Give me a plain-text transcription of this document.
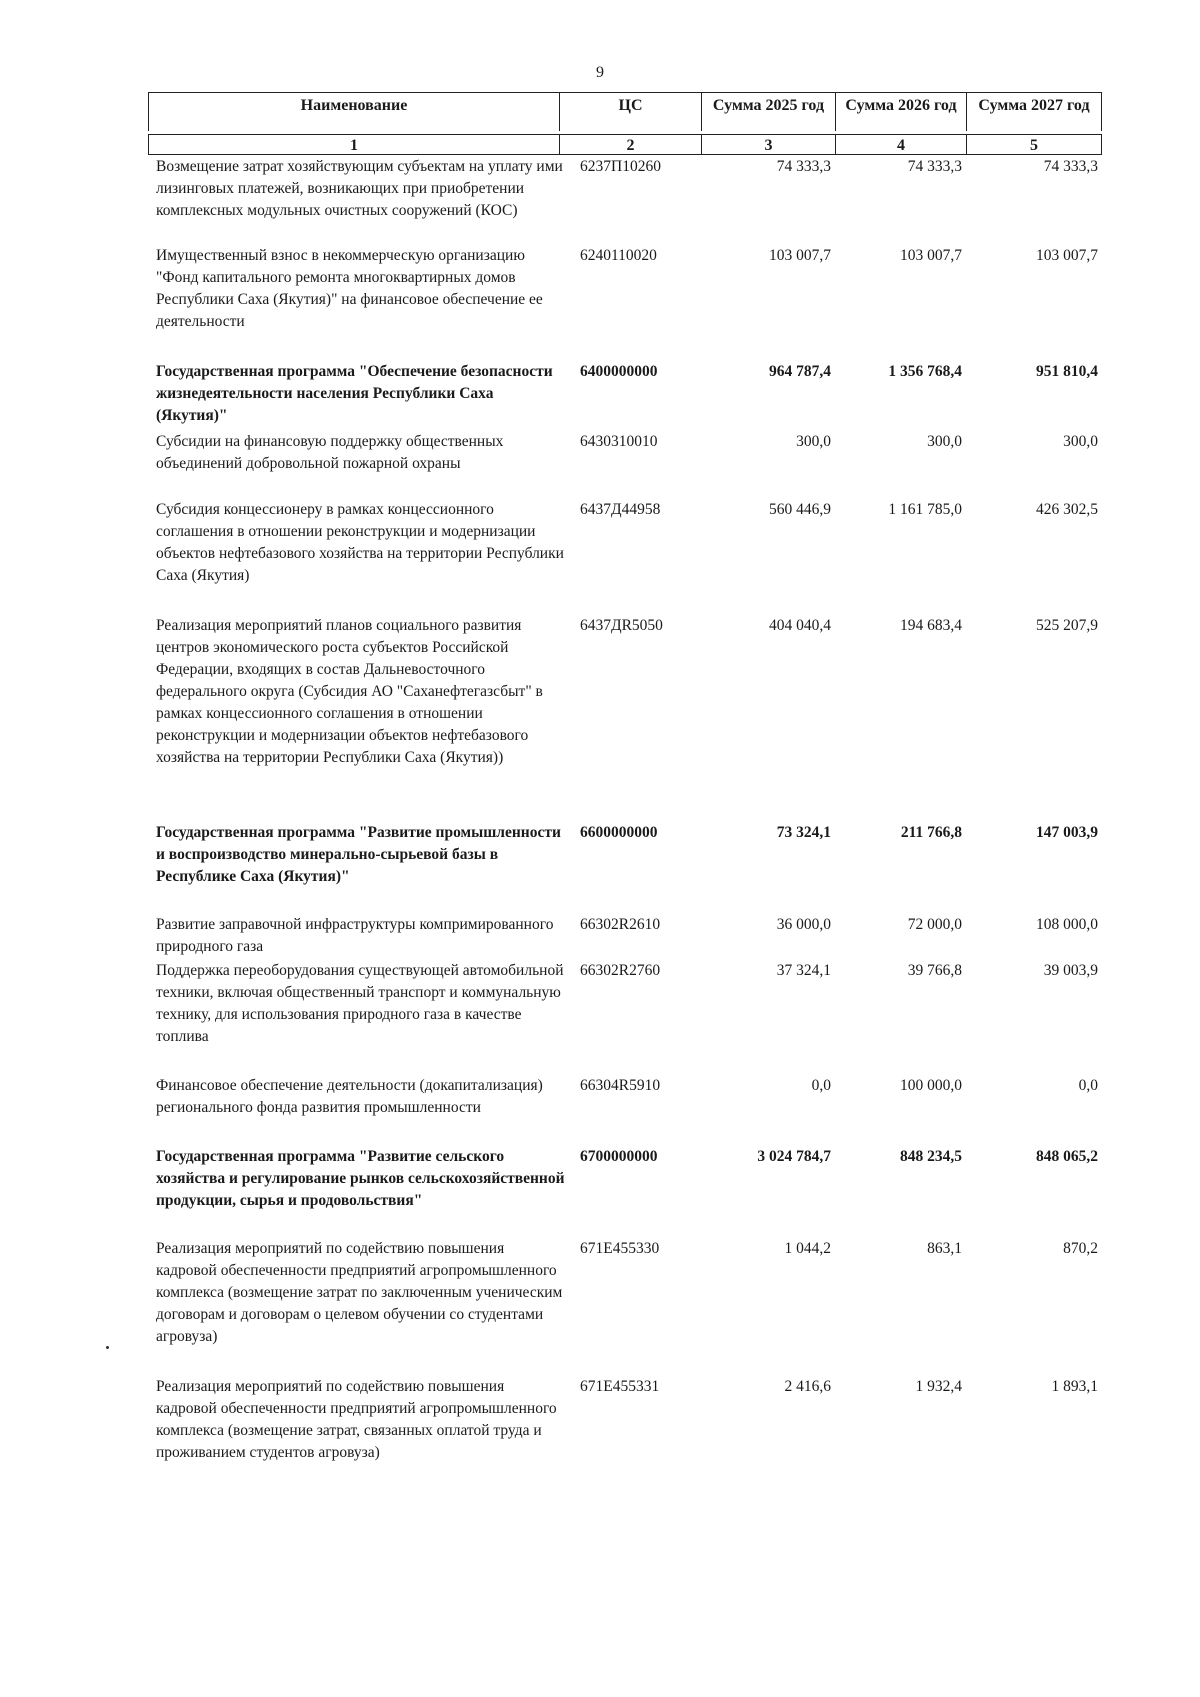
9
Наименование	ЦС	Сумма 2025 год	Сумма 2026 год	Сумма 2027 год
1	2	3	4	5
Возмещение затрат хозяйствующим субъектам на уплату ими лизинговых платежей, возникающих при приобретении комплексных модульных очистных сооружений (КОС)
6237П10260	74 333,3	74 333,3	74 333,3
Имущественный взнос в некоммерческую организацию "Фонд капитального ремонта многоквартирных домов Республики Саха (Якутия)" на финансовое обеспечение ее деятельности
6240110020	103 007,7	103 007,7	103 007,7
Государственная программа "Обеспечение безопасности жизнедеятельности населения Республики Саха (Якутия)"
6400000000	964 787,4	1 356 768,4	951 810,4
Субсидии на финансовую поддержку общественных объединений добровольной пожарной охраны
6430310010	300,0	300,0	300,0
Субсидия концессионеру в рамках концессионного соглашения в отношении реконструкции и модернизации объектов нефтебазового хозяйства на территории Республики Саха (Якутия)
6437Д44958	560 446,9	1 161 785,0	426 302,5
Реализация мероприятий планов социального развития центров экономического роста субъектов Российской Федерации, входящих в состав Дальневосточного федерального округа (Субсидия АО "Саханефтегазсбыт" в рамках концессионного соглашения в отношении реконструкции и модернизации объектов нефтебазового хозяйства на территории Республики Саха (Якутия))
6437ДR5050	404 040,4	194 683,4	525 207,9
Государственная программа "Развитие промышленности и воспроизводство минерально-сырьевой базы в Республике Саха (Якутия)"
6600000000	73 324,1	211 766,8	147 003,9
Развитие заправочной инфраструктуры компримированного природного газа
66302R2610	36 000,0	72 000,0	108 000,0
Поддержка переоборудования существующей автомобильной техники, включая общественный транспорт и коммунальную технику, для использования природного газа в качестве топлива
66302R2760	37 324,1	39 766,8	39 003,9
Финансовое обеспечение деятельности (докапитализация) регионального фонда развития промышленности
66304R5910	0,0	100 000,0	0,0
Государственная программа "Развитие сельского хозяйства и регулирование рынков сельскохозяйственной продукции, сырья и продовольствия"
6700000000	3 024 784,7	848 234,5	848 065,2
Реализация мероприятий по содействию повышения кадровой обеспеченности предприятий агропромышленного комплекса (возмещение затрат по заключенным ученическим договорам и договорам о целевом обучении со студентами агровуза)
671Е455330	1 044,2	863,1	870,2
Реализация мероприятий по содействию повышения кадровой обеспеченности предприятий агропромышленного комплекса (возмещение затрат, связанных оплатой труда и проживанием студентов агровуза)
671Е455331	2 416,6	1 932,4	1 893,1
